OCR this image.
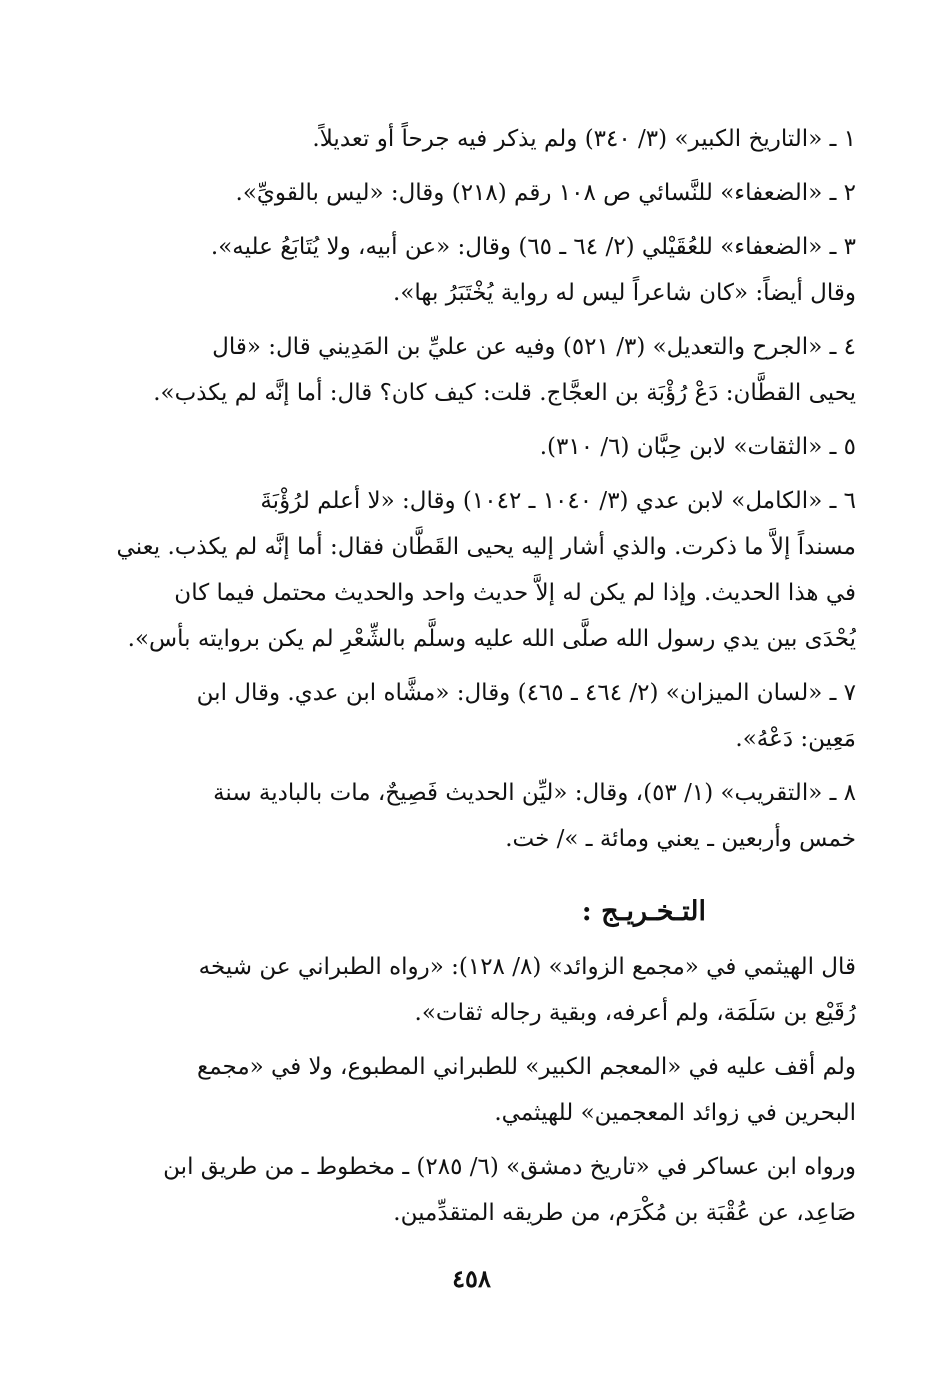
١ ـ «التاريخ الكبير» (٣/ ٣٤٠) ولم يذكر فيه جرحاً أو تعديلاً.

٢ ـ «الضعفاء» للنَّسائي ص ١٠٨ رقم (٢١٨) وقال: «ليس بالقويِّ».

٣ ـ «الضعفاء» للعُقَيْلي (٢/ ٦٤ ـ ٦٥) وقال: «عن أبيه، ولا يُتَابَعُ عليه».
وقال أيضاً: «كان شاعراً ليس له رواية يُخْتَبَرُ بها».

٤ ـ «الجرح والتعديل» (٣/ ٥٢١) وفيه عن عليِّ بن المَدِيني قال: «قال
يحيى القطَّان: دَعْ رُؤْبَة بن العجَّاج. قلت: كيف كان؟ قال: أما إنَّه لم يكذب».

٥ ـ «الثقات» لابن حِبَّان (٦/ ٣١٠).

٦ ـ «الكامل» لابن عدي (٣/ ١٠٤٠ ـ ١٠٤٢) وقال: «لا أعلم لرُؤْبَةَ
مسنداً إلاَّ ما ذكرت. والذي أشار إليه يحيى القَطَّان فقال: أما إنَّه لم يكذب. يعني
في هذا الحديث. وإذا لم يكن له إلاَّ حديث واحد والحديث محتمل فيما كان
يُحْدَى بين يدي رسول الله صلَّى الله عليه وسلَّم بالشِّعْرِ لم يكن بروايته بأس».

٧ ـ «لسان الميزان» (٢/ ٤٦٤ ـ ٤٦٥) وقال: «مشَّاه ابن عدي. وقال ابن
مَعِين: دَعْهُ».

٨ ـ «التقريب» (١/ ٥٣)، وقال: «ليِّن الحديث فَصِيحٌ، مات بالبادية سنة
خمس وأربعين ـ يعني ومائة ـ »/ خت.

التـخـريـج :

قال الهيثمي في «مجمع الزوائد» (٨/ ١٢٨): «رواه الطبراني عن شيخه
رُقَيْع بن سَلَمَة، ولم أعرفه، وبقية رجاله ثقات».

ولم أقف عليه في «المعجم الكبير» للطبراني المطبوع، ولا في «مجمع
البحرين في زوائد المعجمين» للهيثمي.

ورواه ابن عساكر في «تاريخ دمشق» (٦/ ٢٨٥) ـ مخطوط ـ من طريق ابن
صَاعِد، عن عُقْبَة بن مُكْرَم، من طريقه المتقدِّمين.

٤٥٨
